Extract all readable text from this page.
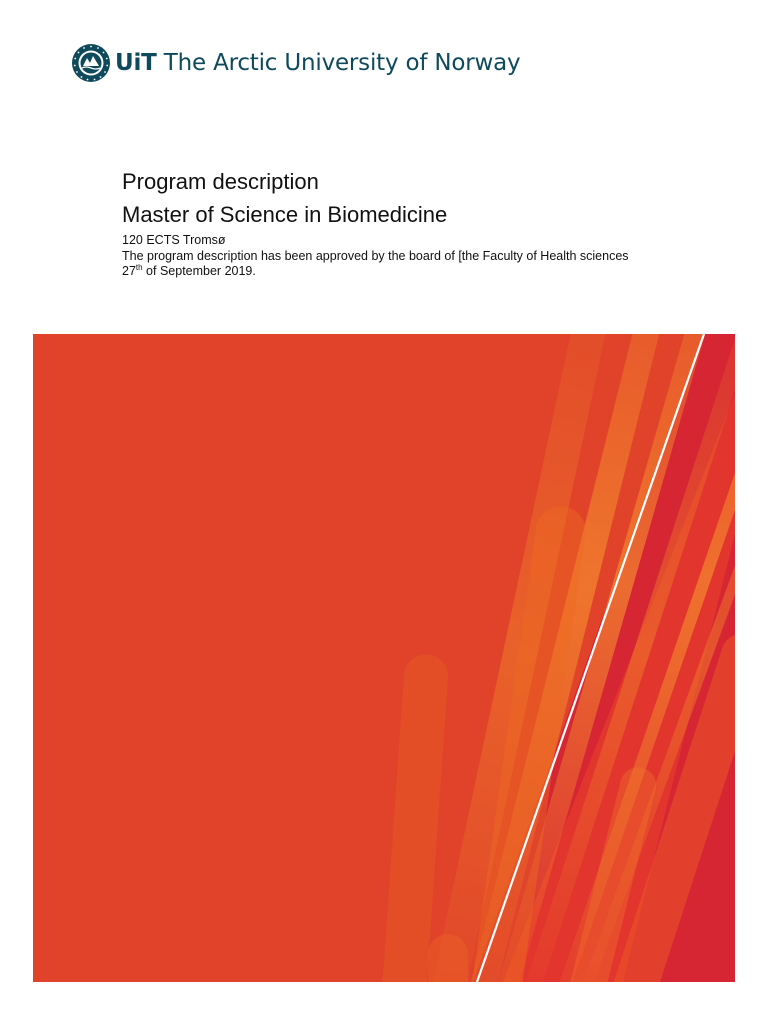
UiT The Arctic University of Norway
Program description
Master of Science in Biomedicine
120 ECTS Tromsø
The program description has been approved by the board of [the Faculty of Health sciences
27th of September 2019.
